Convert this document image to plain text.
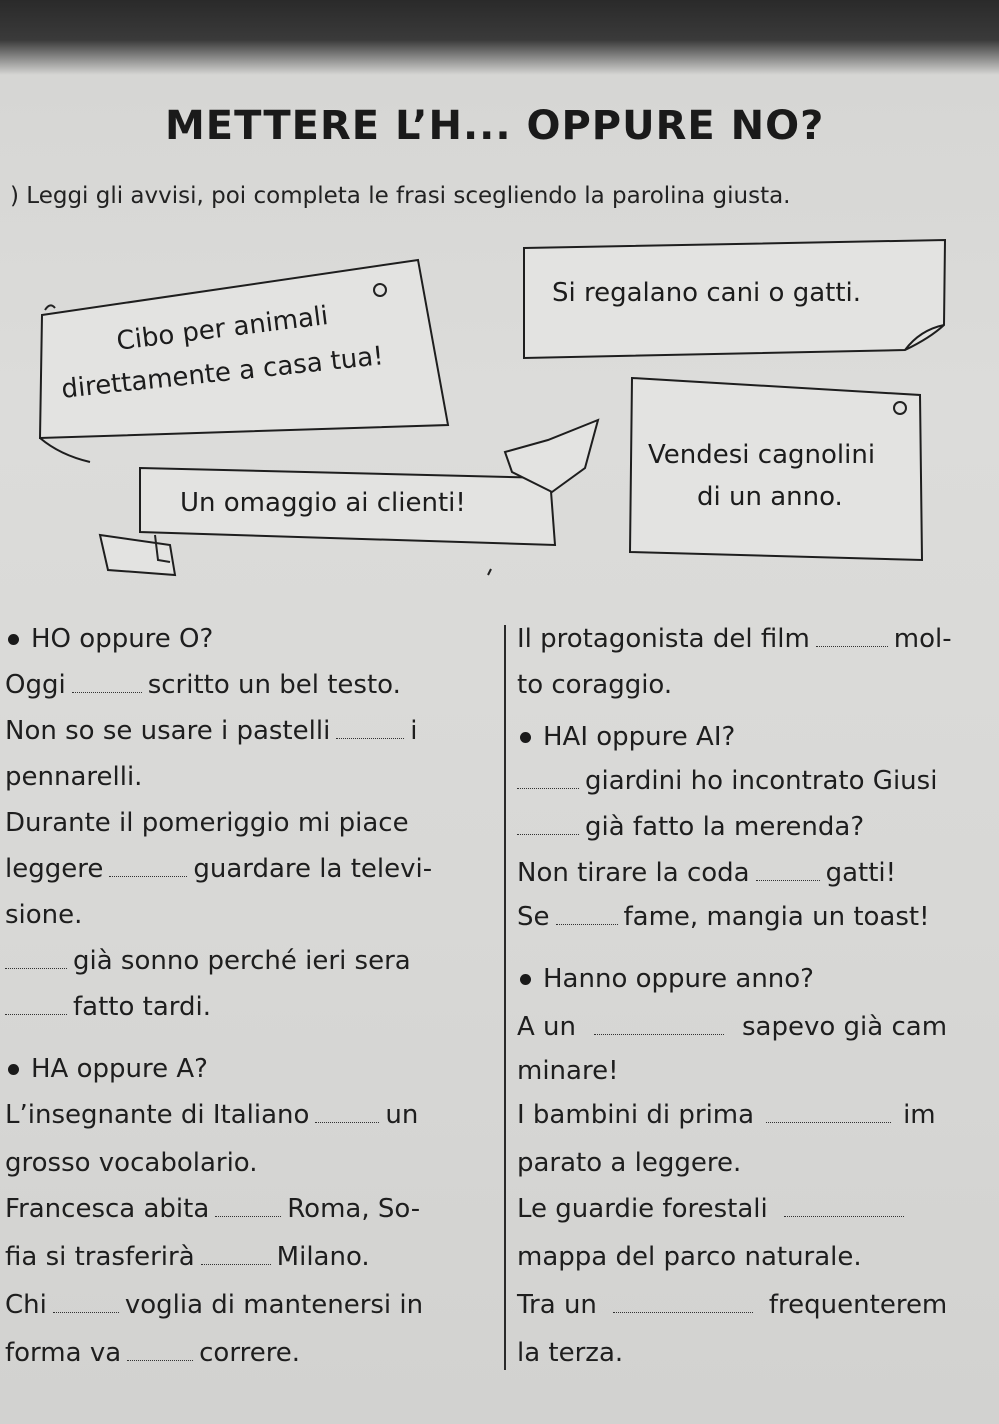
METTERE L’H... OPPURE NO?
) Leggi gli avvisi, poi completa le frasi scegliendo la parolina giusta.
Cibo per animali
direttamente a casa tua!
Si regalano cani o gatti.
Vendesi cagnolini
di un anno.
Un omaggio ai clienti!
HO oppure O?
Oggi	scritto un bel testo.
Non so se usare i pastelli	i
pennarelli.
Durante il pomeriggio mi piace
leggere	guardare la televi-
sione.
già sonno perché ieri sera
fatto tardi.
HA oppure A?
L’insegnante di Italiano	un
grosso vocabolario.
Francesca abita	Roma, So-
fia si trasferirà	Milano.
Chi	voglia di mantenersi in
forma va	correre.
Il protagonista del film	mol-
to coraggio.
HAI oppure AI?
giardini ho incontrato Giusi
già fatto la merenda?
Non tirare la coda	gatti!
Se	fame, mangia un toast!
Hanno oppure anno?
A un	sapevo già cam
minare!
I bambini di prima	im
parato a leggere.
Le guardie forestali
mappa del parco naturale.
Tra un	frequenterem
la terza.
